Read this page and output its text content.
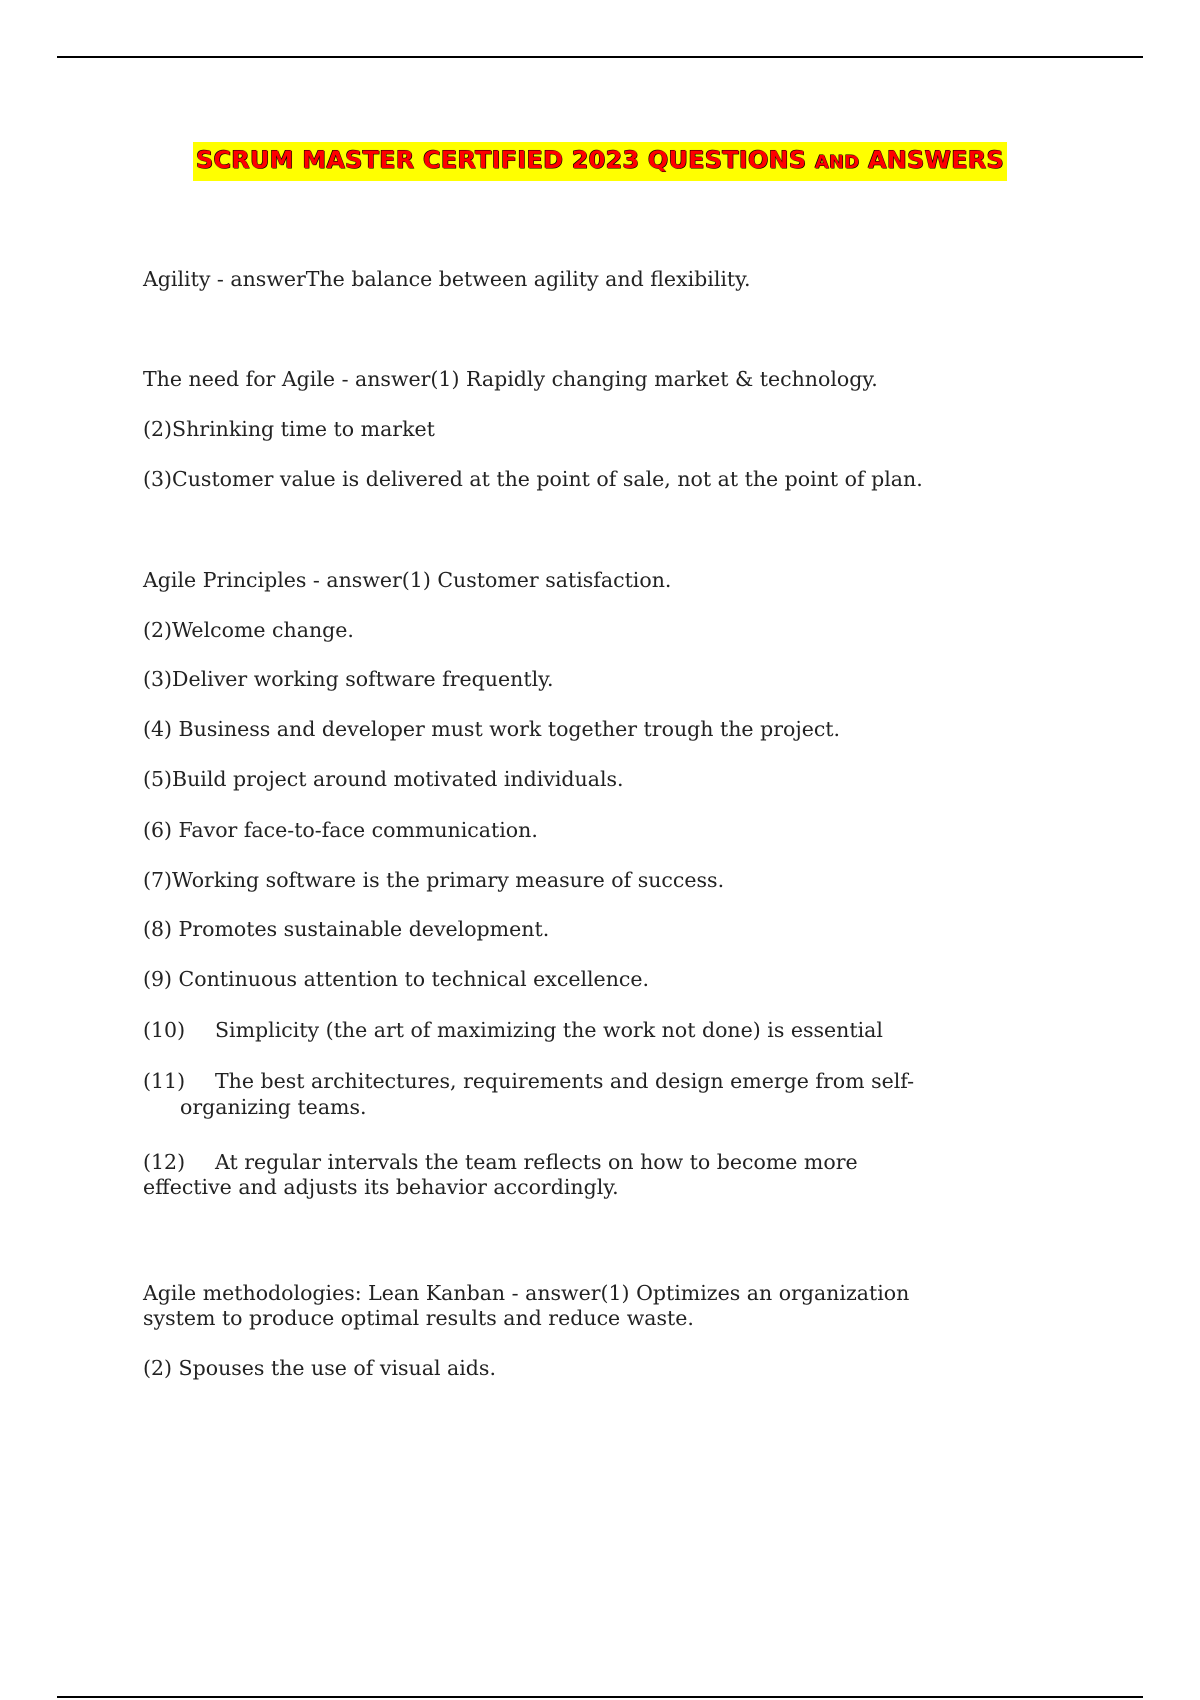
SCRUM MASTER CERTIFIED 2023 QUESTIONS AND ANSWERS
Agility - answerThe balance between agility and flexibility.
The need for Agile - answer(1) Rapidly changing market & technology.
(2)Shrinking time to market
(3)Customer value is delivered at the point of sale, not at the point of plan.
Agile Principles - answer(1) Customer satisfaction.
(2)Welcome change.
(3)Deliver working software frequently.
(4) Business and developer must work together trough the project.
(5)Build project around motivated individuals.
(6) Favor face-to-face communication.
(7)Working software is the primary measure of success.
(8) Promotes sustainable development.
(9) Continuous attention to technical excellence.
(10) Simplicity (the art of maximizing the work not done) is essential
(11) The best architectures, requirements and design emerge from self-
organizing teams.
(12) At regular intervals the team reflects on how to become more
effective and adjusts its behavior accordingly.
Agile methodologies: Lean Kanban - answer(1) Optimizes an organization
system to produce optimal results and reduce waste.
(2) Spouses the use of visual aids.
